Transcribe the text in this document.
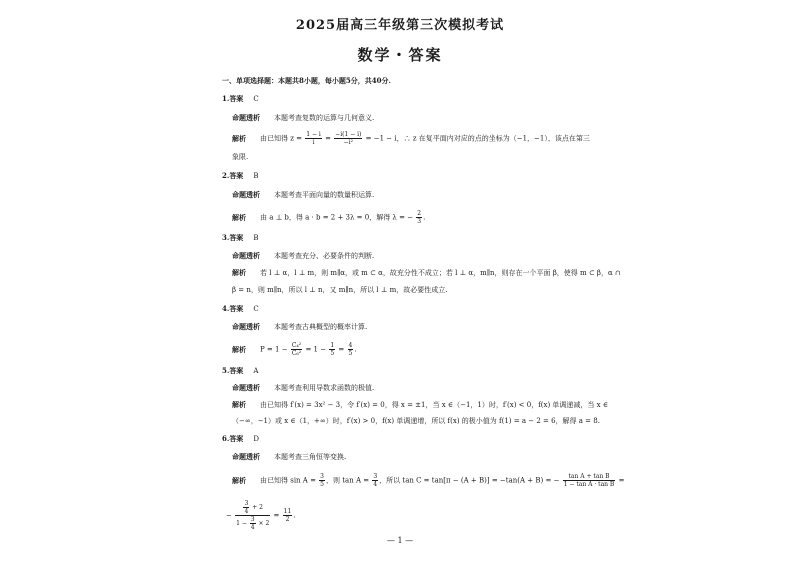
2025届高三年级第三次模拟考试
数学・答案
一、单项选择题：本题共8小题，每小题5分，共40分.
1.答案 C
命题透析 本题考查复数的运算与几何意义.
解析 由已知得 $z = \frac{1 - i}{i} = \frac{-i(1 - i)}{\text{−i²}} = -1 - i$，∴ z 在复平面内对应的点的坐标为（−1，−1），该点在第三
象限.
2.答案 B
命题透析 本题考查平面向量的数量积运算.
解析 由 a ⊥ b，得 a · b = 2 + 3λ = 0，解得 λ = − $\frac{2}{3}$ .
3.答案 B
命题透析 本题考查充分、必要条件的判断.
解析 若 l ⊥ α，l ⊥ m，则 m∥α，或 m ⊂ α，故充分性不成立；若 l ⊥ α，m∥n，则存在一个平面 β，使得 m ⊂ β，α ∩
β = n，则 m∥n，所以 l ⊥ n，又 m∥n，所以 l ⊥ m，故必要性成立.
4.答案 C
命题透析 本题考查古典概型的概率计算.
解析 $P = 1 - \frac{\text{C₄²}}{\text{C₆²}} = 1 - \frac{1}{5} = \frac{4}{5}$ .
5.答案 A
命题透析 本题考查利用导数求函数的极值.
解析 由已知得 f′(x) = 3x² − 3，令 f′(x) = 0，得 x = ±1，当 x ∈（−1，1）时，f′(x) < 0，f(x) 单调递减，当 x ∈
（−∞，−1）或 x ∈（1，+∞）时，f′(x) > 0，f(x) 单调递增，所以 f(x) 的极小值为 f(1) = a − 2 = 6，解得 a = 8.
6.答案 D
命题透析 本题考查三角恒等变换.
解析 由已知得 $\sin A = \frac{3}{5}$ ，则 $\tan A = \frac{3}{4}$ ，所以 tan C = tan[π − (A + B)] = −tan(A + B) = − $\frac{\text{tan A + tan B}}{\text{1 − tan A · tan B}}$ =
− $\frac{\frac{3}{4} + 2}{1 - \frac{3}{4} \times 2} = \frac{11}{2}$ .
— 1 —
